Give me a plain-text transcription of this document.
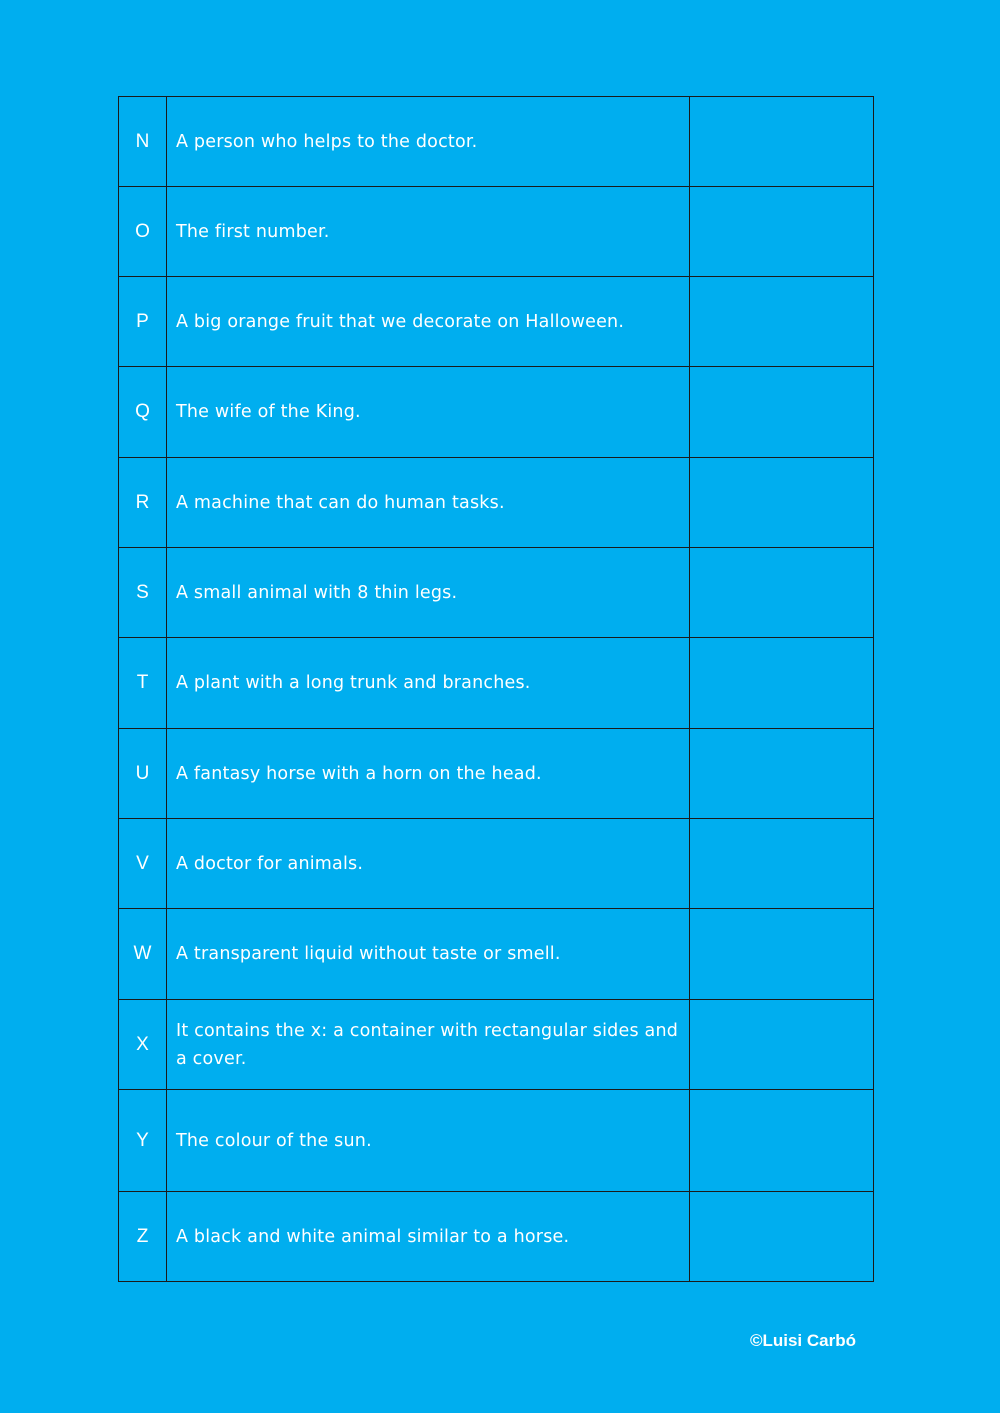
N	A person who helps to the doctor.	
O	The first number.	
P	A big orange fruit that we decorate on Halloween.	
Q	The wife of the King.	
R	A machine that can do human tasks.	
S	A small animal with 8 thin legs.	
T	A plant with a long trunk and branches.	
U	A fantasy horse with a horn on the head.	
V	A doctor for animals.	
W	A transparent liquid without taste or smell.	
X	It contains the x: a container with rectangular sides and a cover.	
Y	The colour of the sun.	
Z	A black and white animal similar to a horse.	
©Luisi Carbó
